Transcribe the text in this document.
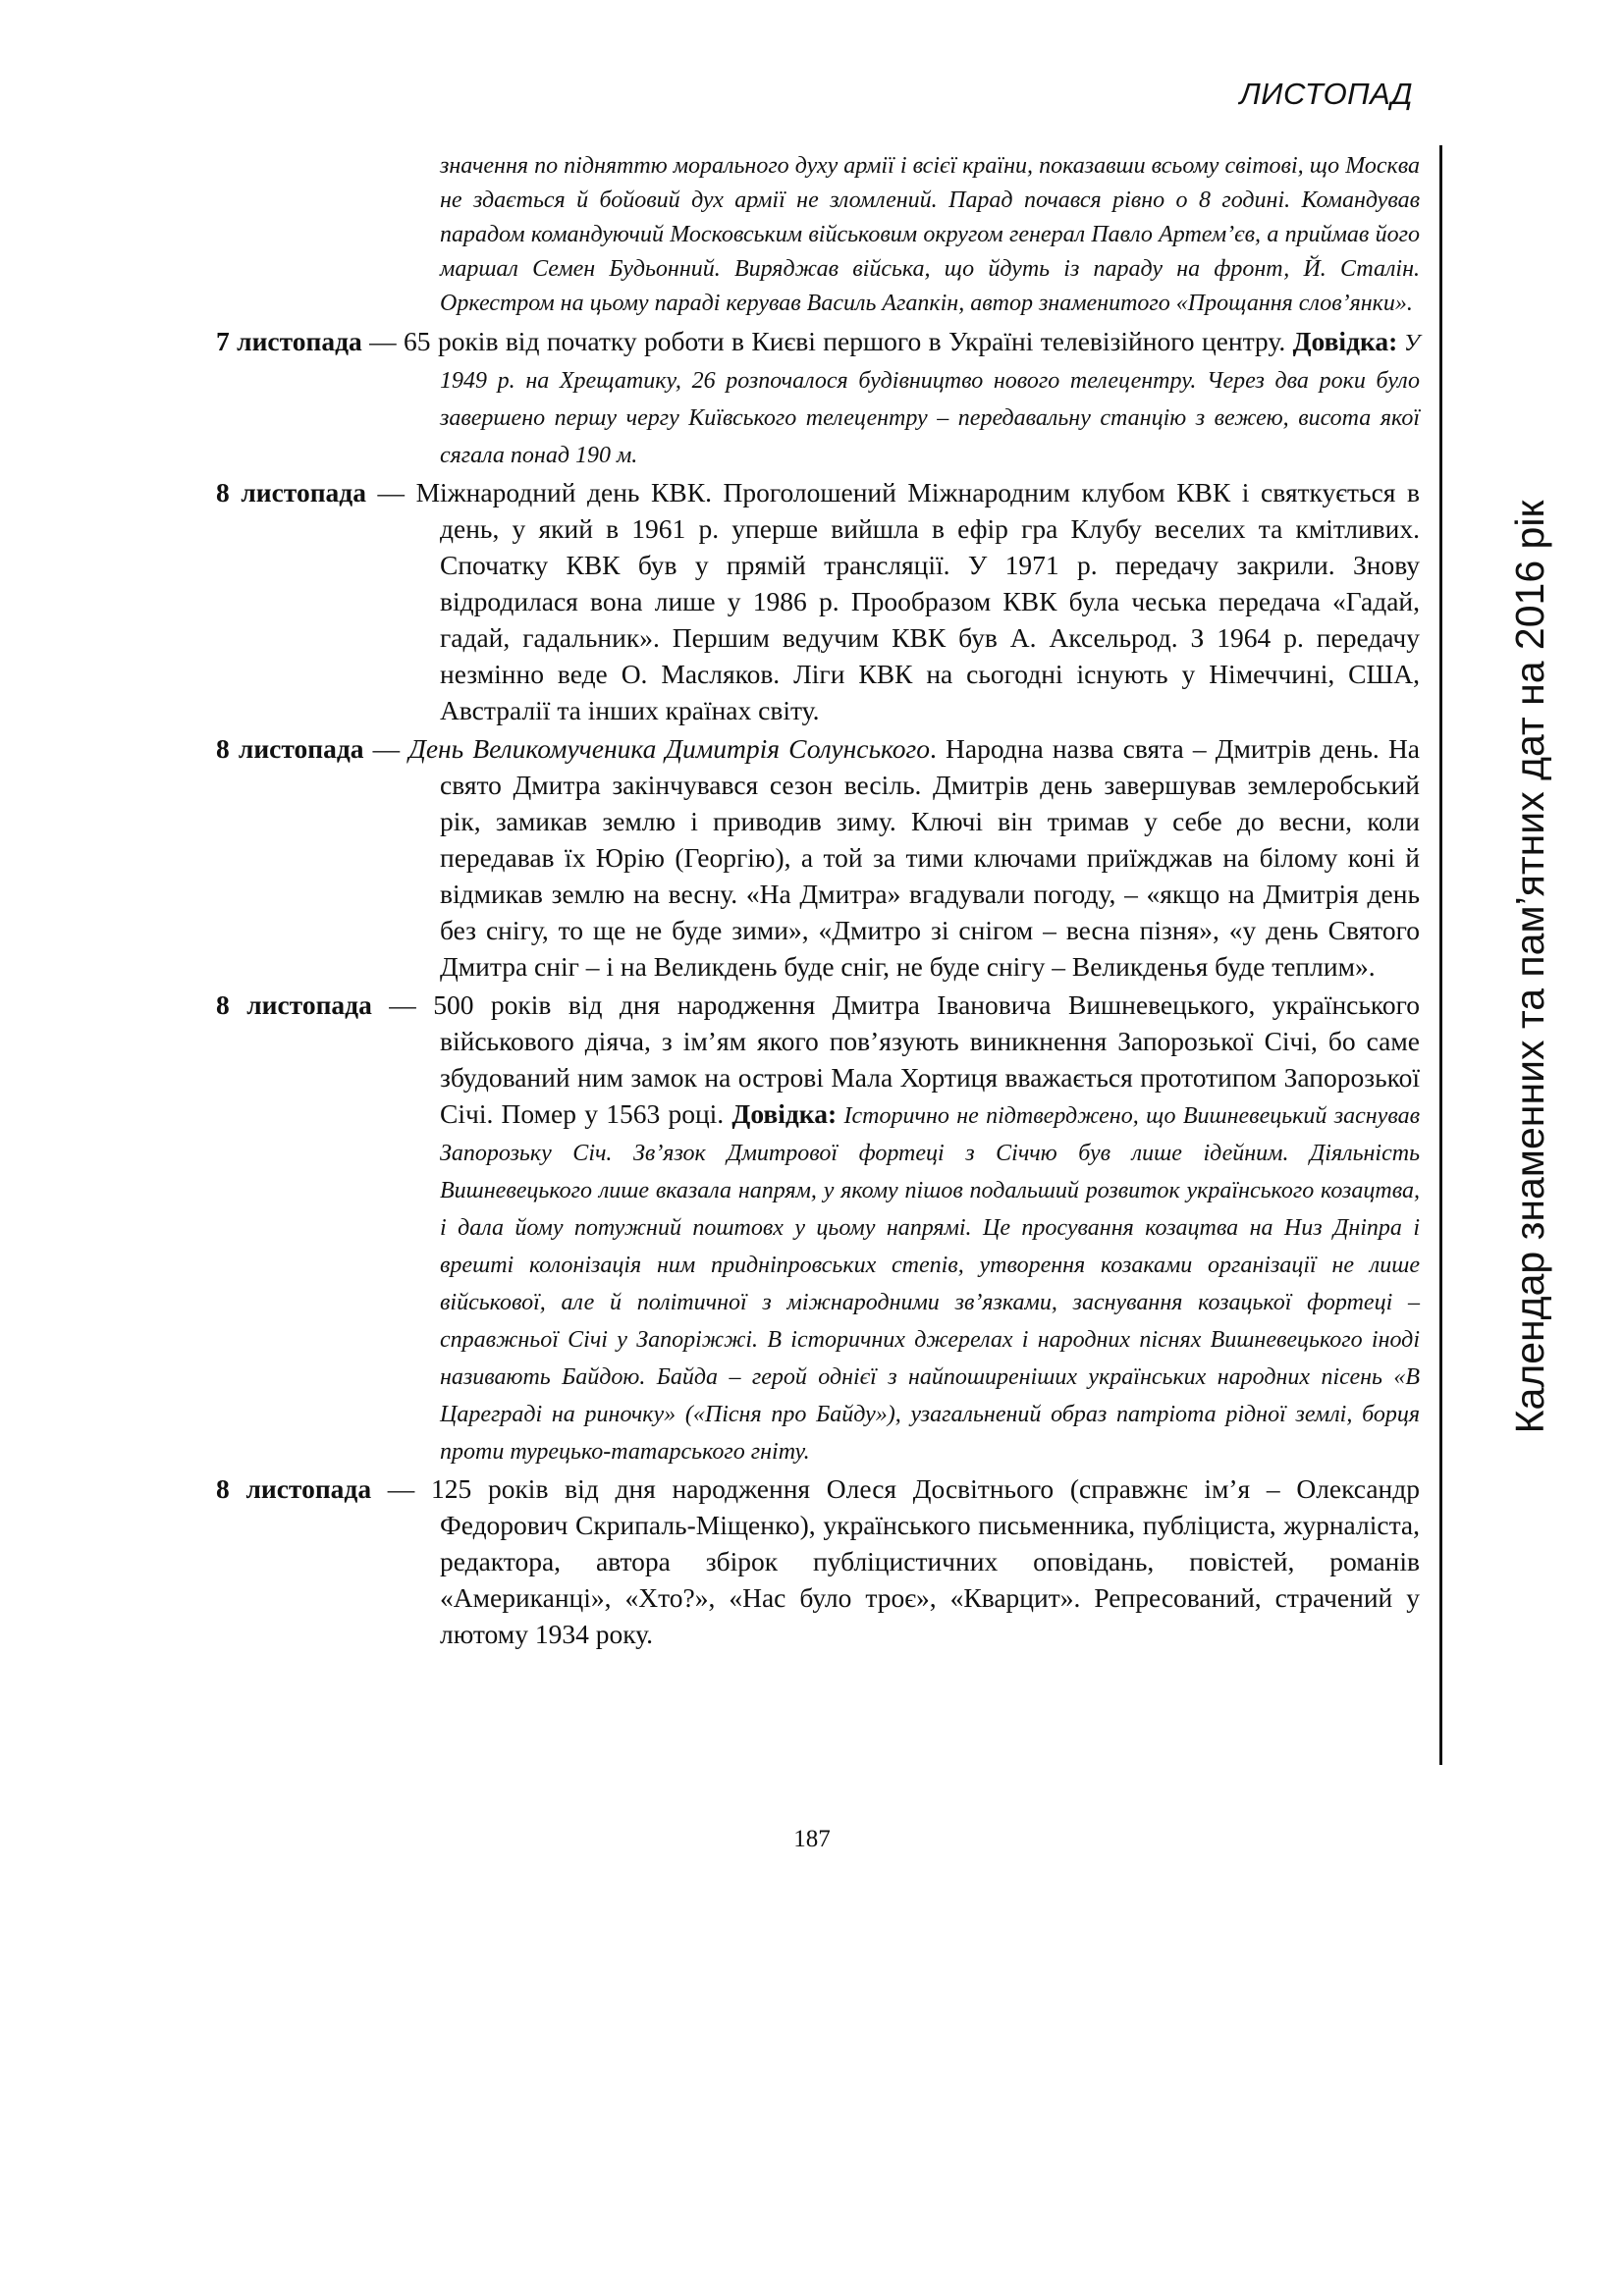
ЛИСТОПАД
Календар знаменних та пам’ятних дат на 2016 рік
значення по підняттю морального духу армії і всієї країни, показавши всьому світові, що Москва не здається й бойовий дух армії не зломлений. Парад почався рівно о 8 годині. Командував парадом командуючий Московським військовим округом генерал Павло Артем’єв, а приймав його маршал Семен Будьонний. Виряджав війська, що йдуть із параду на фронт, Й. Сталін. Оркестром на цьому параді керував Василь Агапкін, автор знаменитого «Прощання слов’янки».
7 листопада — 65 років від початку роботи в Києві першого в Україні телевізійного центру. Довідка: У 1949 р. на Хрещатику, 26 розпочалося будівництво нового телецентру. Через два роки було завершено першу чергу Київського телецентру – передавальну станцію з вежею, висота якої сягала понад 190 м.
8 листопада — Міжнародний день КВК. Проголошений Міжнародним клубом КВК і святкується в день, у який в 1961 р. уперше вийшла в ефір гра Клубу веселих та кмітливих. Спочатку КВК був у прямій трансляції. У 1971 р. передачу закрили. Знову відродилася вона лише у 1986 р. Прообразом КВК була чеська передача «Гадай, гадай, гадальник». Першим ведучим КВК був А. Аксельрод. З 1964 р. передачу незмінно веде О. Масляков. Ліги КВК на сьогодні існують у Німеччині, США, Австралії та інших країнах світу.
8 листопада — День Великомученика Димитрія Солунського. Народна назва свята – Дмитрів день. На свято Дмитра закінчувався сезон весіль. Дмитрів день завершував землеробський рік, замикав землю і приводив зиму. Ключі він тримав у себе до весни, коли передавав їх Юрію (Георгію), а той за тими ключами приїжджав на білому коні й відмикав землю на весну. «На Дмитра» вгадували погоду, – «якщо на Дмитрія день без снігу, то ще не буде зими», «Дмитро зі снігом – весна пізня», «у день Святого Дмитра сніг – і на Великдень буде сніг, не буде снігу – Великденья буде теплим».
8 листопада — 500 років від дня народження Дмитра Івановича Вишневецького, українського військового діяча, з ім’ям якого пов’язують виникнення Запорозької Січі, бо саме збудований ним замок на острові Мала Хортиця вважається прототипом Запорозької Січі. Помер у 1563 році. Довідка: Історично не підтверджено, що Вишневецький заснував Запорозьку Січ. Зв’язок Дмитрової фортеці з Січчю був лише ідейним. Діяльність Вишневецького лише вказала напрям, у якому пішов подальший розвиток українського козацтва, і дала йому потужний поштовх у цьому напрямі. Це просування козацтва на Низ Дніпра і врешті колонізація ним придніпровських степів, утворення козаками організації не лише військової, але й політичної з міжнародними зв’язками, заснування козацької фортеці – справжньої Січі у Запоріжжі. В історичних джерелах і народних піснях Вишневецького іноді називають Байдою. Байда – герой однієї з найпоширеніших українських народних пісень «В Цареграді на риночку» («Пісня про Байду»), узагальнений образ патріота рідної землі, борця проти турецько-татарського гніту.
8 листопада — 125 років від дня народження Олеся Досвітнього (справжнє ім’я – Олександр Федорович Скрипаль-Міщенко), українського письменника, публіциста, журналіста, редактора, автора збірок публіцистичних оповідань, повістей, романів «Американці», «Хто?», «Нас було троє», «Кварцит». Репресований, страчений у лютому 1934 року.
187
